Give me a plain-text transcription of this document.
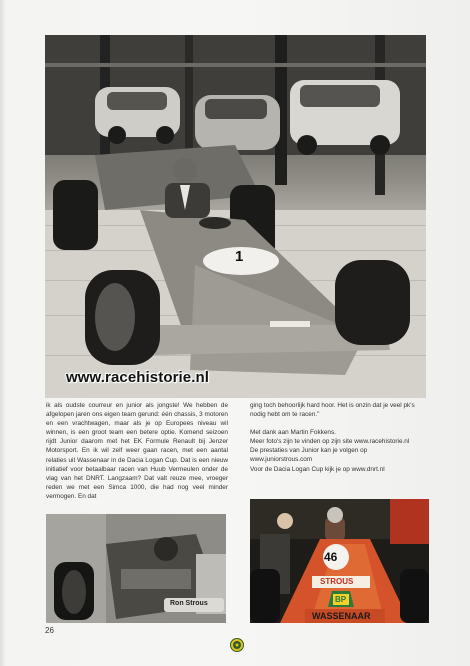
1
www.racehistorie.nl

ik als oudste courreur en junior als jongste! We hebben de afgelopen jaren ons eigen team gerund: één chassis, 3 motoren en een vrachtwagen, maar als je op Europees niveau wil winnen, is een groot team een betere optie. Komend seizoen rijdt Junior daarom met het EK Formule Renault bij Jenzer Motorsport. En ik wil zelf weer gaan racen, met een aantal relaties uit Wassenaar in de Dacia Logan Cup. Dat is een nieuw initiatief voor betaalbaar racen van Huub Vermeulen onder de vlag van het DNRT. Langzaam? Dat valt reuze mee, vroeger reden we met een Simca 1000, die had nog veel minder vermogen. En dat

ging toch behoorlijk hard hoor. Het is onzin dat je veel pk's nodig hebt om te racen."

Met dank aan Martin Fokkens.

Meer foto's zijn te vinden op zijn site www.racehistorie.nl

De prestaties van Junior kan je volgen op

www.juniorstrous.com

Voor de Dacia Logan Cup kijk je op www.dnrt.nl

Ron Strous
46
STROUS
BP
WASSENAAR
26
